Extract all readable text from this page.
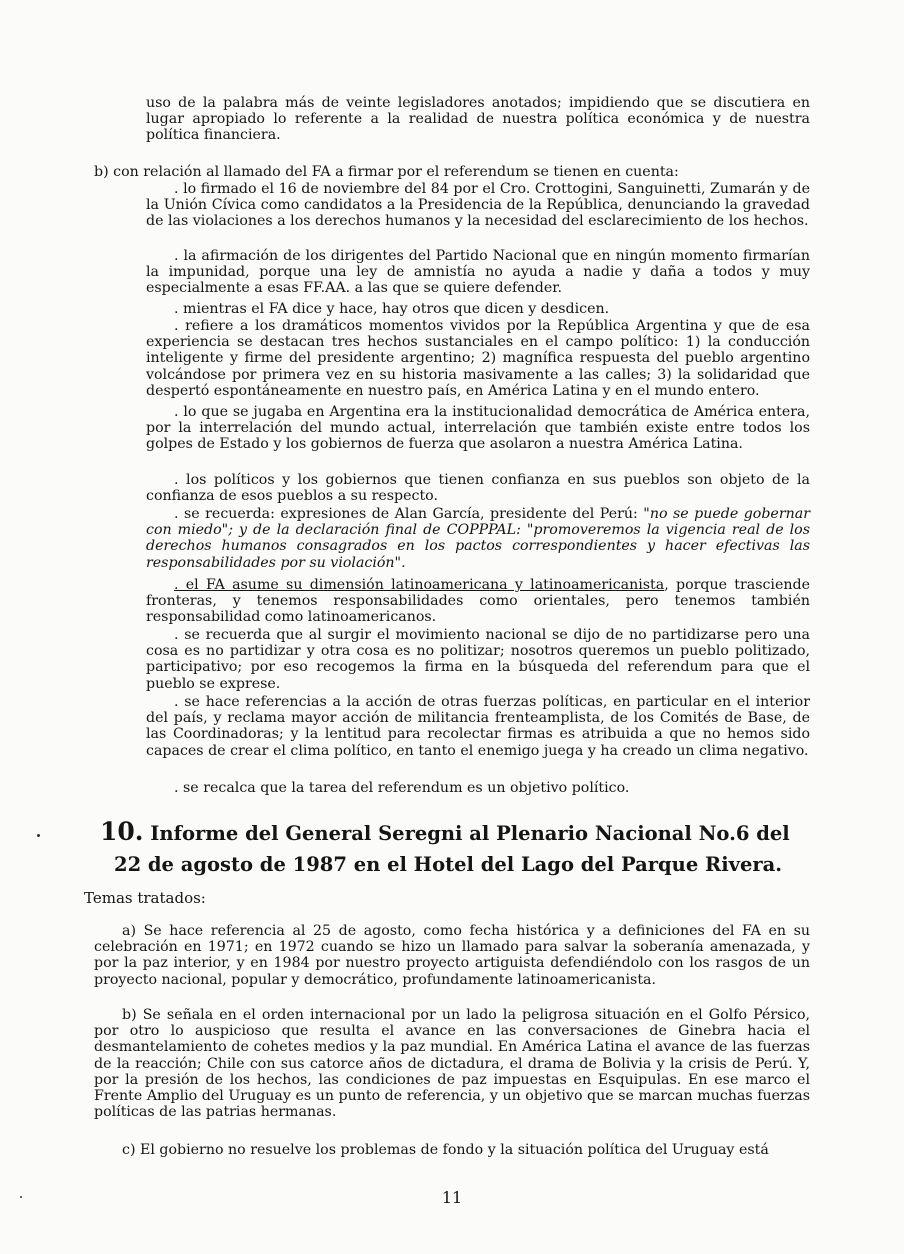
uso de la palabra más de veinte legisladores anotados; impidiendo que se discutiera en lugar apropiado lo referente a la realidad de nuestra política económica y de nuestra política financiera.

b) con relación al llamado del FA a firmar por el referendum se tienen en cuenta:

. lo firmado el 16 de noviembre del 84 por el Cro. Crottogini, Sanguinetti, Zumarán y de la Unión Cívica como candidatos a la Presidencia de la República, denunciando la gravedad de las violaciones a los derechos humanos y la necesidad del esclarecimiento de los hechos.

. la afirmación de los dirigentes del Partido Nacional que en ningún momento firmarían la impunidad, porque una ley de amnistía no ayuda a nadie y daña a todos y muy especialmente a esas FF.AA. a las que se quiere defender.

. mientras el FA dice y hace, hay otros que dicen y desdicen.

. refiere a los dramáticos momentos vividos por la República Argentina y que de esa experiencia se destacan tres hechos sustanciales en el campo político: 1) la conducción inteligente y firme del presidente argentino; 2) magnífica respuesta del pueblo argentino volcándose por primera vez en su historia masivamente a las calles; 3) la solidaridad que despertó espontáneamente en nuestro país, en América Latina y en el mundo entero.

. lo que se jugaba en Argentina era la institucionalidad democrática de América entera, por la interrelación del mundo actual, interrelación que también existe entre todos los golpes de Estado y los gobiernos de fuerza que asolaron a nuestra América Latina.

. los políticos y los gobiernos que tienen confianza en sus pueblos son objeto de la confianza de esos pueblos a su respecto.

. se recuerda: expresiones de Alan García, presidente del Perú: "no se puede gobernar con miedo"; y de la declaración final de COPPPAL: "promoveremos la vigencia real de los derechos humanos consagrados en los pactos correspondientes y hacer efectivas las responsabilidades por su violación".

. el FA asume su dimensión latinoamericana y latinoamericanista, porque trasciende fronteras, y tenemos responsabilidades como orientales, pero tenemos también responsabilidad como latinoamericanos.

. se recuerda que al surgir el movimiento nacional se dijo de no partidizarse pero una cosa es no partidizar y otra cosa es no politizar; nosotros queremos un pueblo politizado, participativo; por eso recogemos la firma en la búsqueda del referendum para que el pueblo se exprese.

. se hace referencias a la acción de otras fuerzas políticas, en particular en el interior del país, y reclama mayor acción de militancia frenteamplista, de los Comités de Base, de las Coordinadoras; y la lentitud para recolectar firmas es atribuida a que no hemos sido capaces de crear el clima político, en tanto el enemigo juega y ha creado un clima negativo.

. se recalca que la tarea del referendum es un objetivo político.

10. Informe del General Seregni al Plenario Nacional No.6 del
22 de agosto de 1987 en el Hotel del Lago del Parque Rivera.

Temas tratados:

a) Se hace referencia al 25 de agosto, como fecha histórica y a definiciones del FA en su celebración en 1971; en 1972 cuando se hizo un llamado para salvar la soberanía amenazada, y por la paz interior, y en 1984 por nuestro proyecto artiguista defendiéndolo con los rasgos de un proyecto nacional, popular y democrático, profundamente latinoamericanista.

b) Se señala en el orden internacional por un lado la peligrosa situación en el Golfo Pérsico, por otro lo auspicioso que resulta el avance en las conversaciones de Ginebra hacia el desmantelamiento de cohetes medios y la paz mundial. En América Latina el avance de las fuerzas de la reacción; Chile con sus catorce años de dictadura, el drama de Bolivia y la crisis de Perú. Y, por la presión de los hechos, las condiciones de paz impuestas en Esquipulas. En ese marco el Frente Amplio del Uruguay es un punto de referencia, y un objetivo que se marcan muchas fuerzas políticas de las patrias hermanas.

c) El gobierno no resuelve los problemas de fondo y la situación política del Uruguay está

11
